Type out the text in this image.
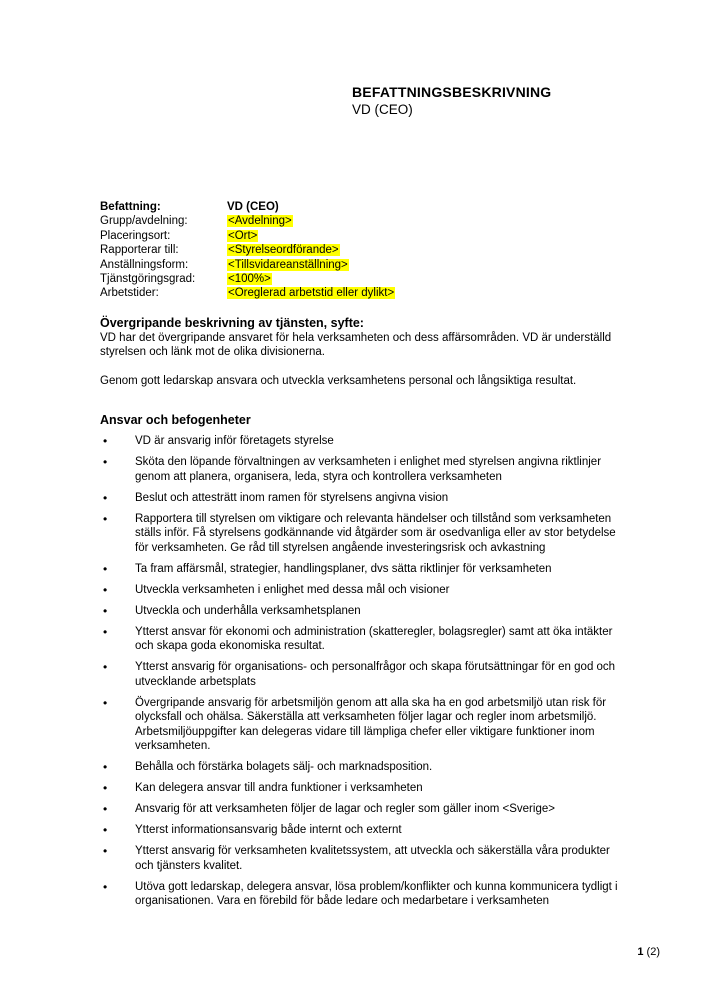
BEFATTNINGSBESKRIVNING
VD (CEO)
Befattning:	VD (CEO)
Grupp/avdelning:	<Avdelning>
Placeringsort:	<Ort>
Rapporterar till:	<Styrelseordförande>
Anställningsform:	<Tillsvidareanställning>
Tjänstgöringsgrad:	<100%>
Arbetstider:	<Oreglerad arbetstid eller dylikt>
Övergripande beskrivning av tjänsten, syfte:

VD har det övergripande ansvaret för hela verksamheten och dess affärsområden. VD är underställd styrelsen och länk mot de olika divisionerna.

Genom gott ledarskap ansvara och utveckla verksamhetens personal och långsiktiga resultat.

Ansvar och befogenheter
• VD är ansvarig inför företagets styrelse
• Sköta den löpande förvaltningen av verksamheten i enlighet med styrelsen angivna riktlinjer genom att planera, organisera, leda, styra och kontrollera verksamheten
• Beslut och attesträtt inom ramen för styrelsens angivna vision
• Rapportera till styrelsen om viktigare och relevanta händelser och tillstånd som verksamheten ställs inför. Få styrelsens godkännande vid åtgärder som är osedvanliga eller av stor betydelse för verksamheten. Ge råd till styrelsen angående investeringsrisk och avkastning
• Ta fram affärsmål, strategier, handlingsplaner, dvs sätta riktlinjer för verksamheten
• Utveckla verksamheten i enlighet med dessa mål och visioner
• Utveckla och underhålla verksamhetsplanen
• Ytterst ansvar för ekonomi och administration (skatteregler, bolagsregler) samt att öka intäkter och skapa goda ekonomiska resultat.
• Ytterst ansvarig för organisations- och personalfrågor och skapa förutsättningar för en god och utvecklande arbetsplats
• Övergripande ansvarig för arbetsmiljön genom att alla ska ha en god arbetsmiljö utan risk för olycksfall och ohälsa. Säkerställa att verksamheten följer lagar och regler inom arbetsmiljö. Arbetsmiljöuppgifter kan delegeras vidare till lämpliga chefer eller viktigare funktioner inom verksamheten.
• Behålla och förstärka bolagets sälj- och marknadsposition.
• Kan delegera ansvar till andra funktioner i verksamheten
• Ansvarig för att verksamheten följer de lagar och regler som gäller inom <Sverige>
• Ytterst informationsansvarig både internt och externt
• Ytterst ansvarig för verksamheten kvalitetssystem, att utveckla och säkerställa våra produkter och tjänsters kvalitet.
• Utöva gott ledarskap, delegera ansvar, lösa problem/konflikter och kunna kommunicera tydligt i organisationen. Vara en förebild för både ledare och medarbetare i verksamheten
1 (2)
